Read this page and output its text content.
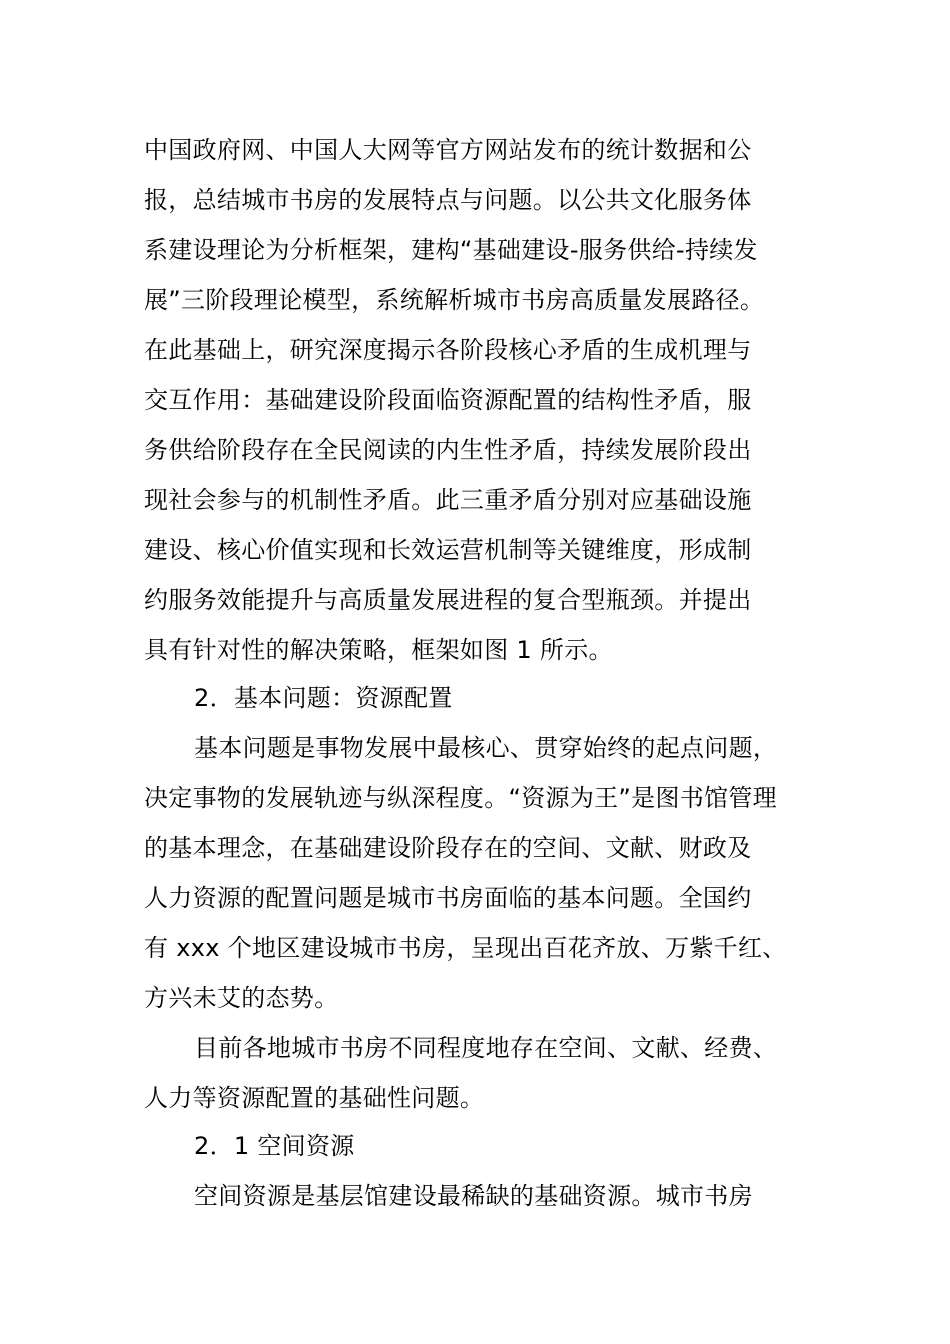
中国政府网、中国人大网等官方网站发布的统计数据和公
报，总结城市书房的发展特点与问题。以公共文化服务体
系建设理论为分析框架，建构“基础建设-服务供给-持续发
展”三阶段理论模型，系统解析城市书房高质量发展路径。
在此基础上，研究深度揭示各阶段核心矛盾的生成机理与
交互作用：基础建设阶段面临资源配置的结构性矛盾，服
务供给阶段存在全民阅读的内生性矛盾，持续发展阶段出
现社会参与的机制性矛盾。此三重矛盾分别对应基础设施
建设、核心价值实现和长效运营机制等关键维度，形成制
约服务效能提升与高质量发展进程的复合型瓶颈。并提出
具有针对性的解决策略，框架如图 1 所示。
2．基本问题：资源配置
基本问题是事物发展中最核心、贯穿始终的起点问题，
决定事物的发展轨迹与纵深程度。“资源为王”是图书馆管理
的基本理念，在基础建设阶段存在的空间、文献、财政及
人力资源的配置问题是城市书房面临的基本问题。全国约
有 xxx 个地区建设城市书房，呈现出百花齐放、万紫千红、
方兴未艾的态势。
目前各地城市书房不同程度地存在空间、文献、经费、
人力等资源配置的基础性问题。
2．1 空间资源
空间资源是基层馆建设最稀缺的基础资源。城市书房
